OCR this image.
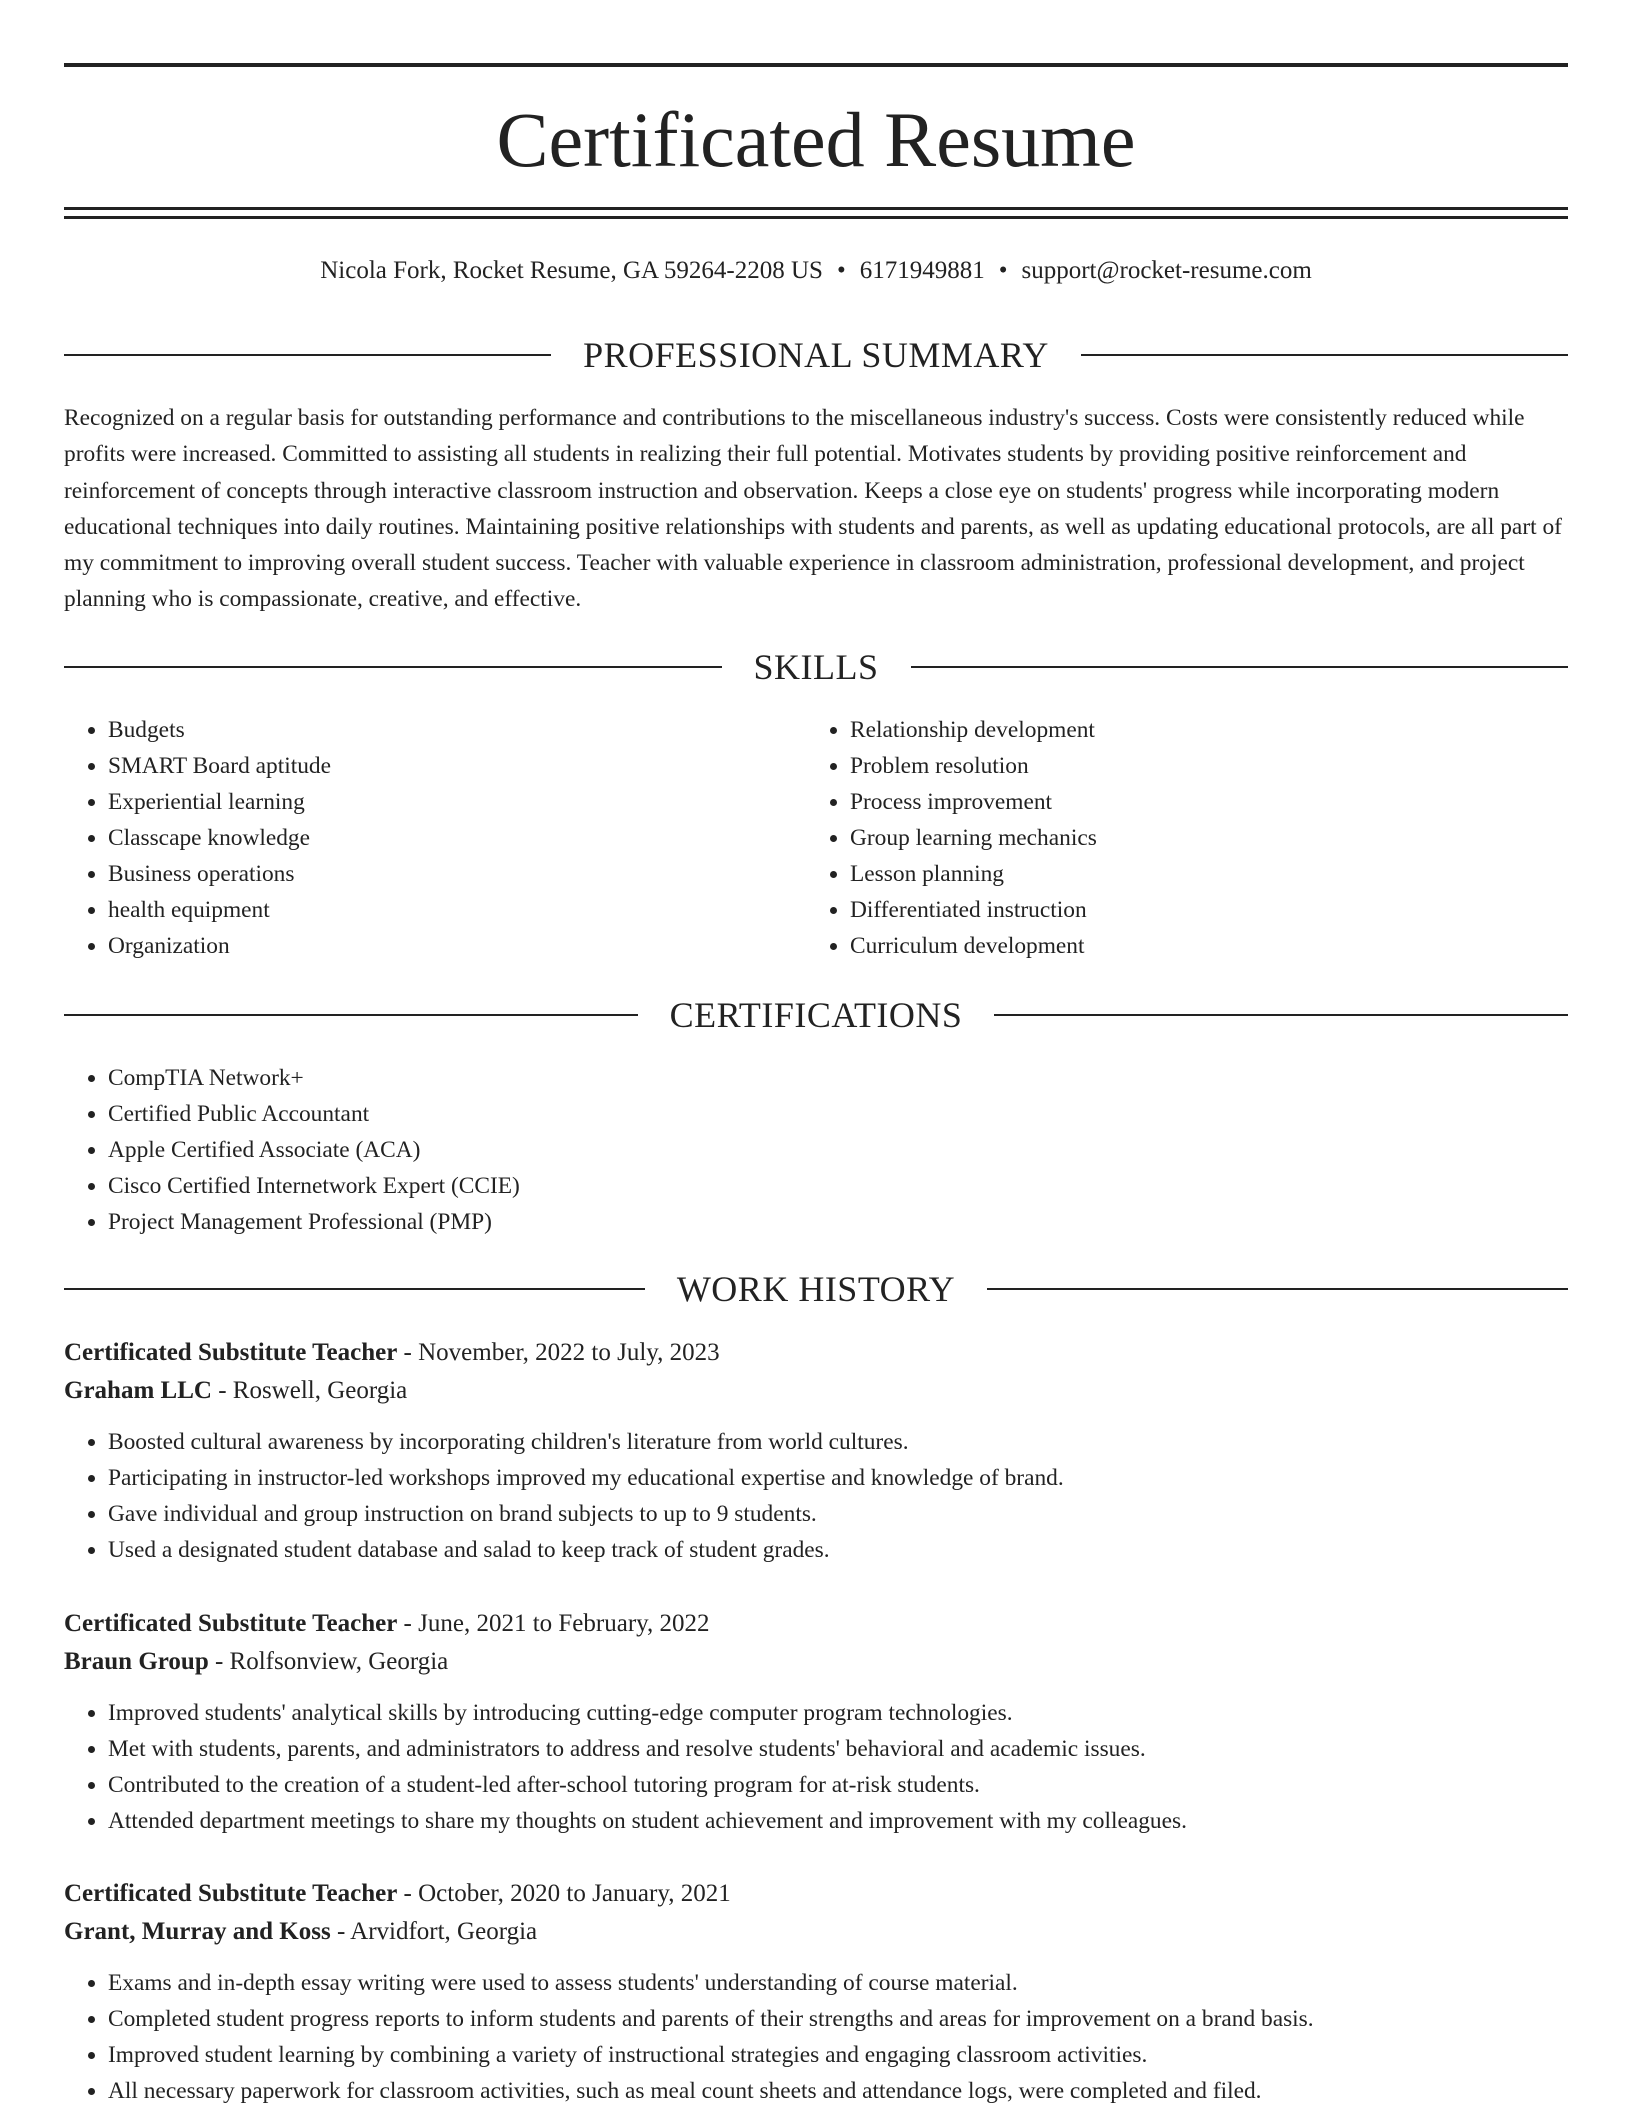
Certificated Resume
Nicola Fork, Rocket Resume, GA 59264-2208 US • 6171949881 • support@rocket-resume.com
PROFESSIONAL SUMMARY

Recognized on a regular basis for outstanding performance and contributions to the miscellaneous industry's success. Costs were consistently reduced while profits were increased. Committed to assisting all students in realizing their full potential. Motivates students by providing positive reinforcement and reinforcement of concepts through interactive classroom instruction and observation. Keeps a close eye on students' progress while incorporating modern educational techniques into daily routines. Maintaining positive relationships with students and parents, as well as updating educational protocols, are all part of my commitment to improving overall student success. Teacher with valuable experience in classroom administration, professional development, and project planning who is compassionate, creative, and effective.

SKILLS
• Budgets
• SMART Board aptitude
• Experiential learning
• Classcape knowledge
• Business operations
• health equipment
• Organization
• Relationship development
• Problem resolution
• Process improvement
• Group learning mechanics
• Lesson planning
• Differentiated instruction
• Curriculum development
CERTIFICATIONS
• CompTIA Network+
• Certified Public Accountant
• Apple Certified Associate (ACA)
• Cisco Certified Internetwork Expert (CCIE)
• Project Management Professional (PMP)
WORK HISTORY
Certificated Substitute Teacher - November, 2022 to July, 2023
Graham LLC - Roswell, Georgia
• Boosted cultural awareness by incorporating children's literature from world cultures.
• Participating in instructor-led workshops improved my educational expertise and knowledge of brand.
• Gave individual and group instruction on brand subjects to up to 9 students.
• Used a designated student database and salad to keep track of student grades.
Certificated Substitute Teacher - June, 2021 to February, 2022
Braun Group - Rolfsonview, Georgia
• Improved students' analytical skills by introducing cutting-edge computer program technologies.
• Met with students, parents, and administrators to address and resolve students' behavioral and academic issues.
• Contributed to the creation of a student-led after-school tutoring program for at-risk students.
• Attended department meetings to share my thoughts on student achievement and improvement with my colleagues.
Certificated Substitute Teacher - October, 2020 to January, 2021
Grant, Murray and Koss - Arvidfort, Georgia
• Exams and in-depth essay writing were used to assess students' understanding of course material.
• Completed student progress reports to inform students and parents of their strengths and areas for improvement on a brand basis.
• Improved student learning by combining a variety of instructional strategies and engaging classroom activities.
• All necessary paperwork for classroom activities, such as meal count sheets and attendance logs, were completed and filed.
